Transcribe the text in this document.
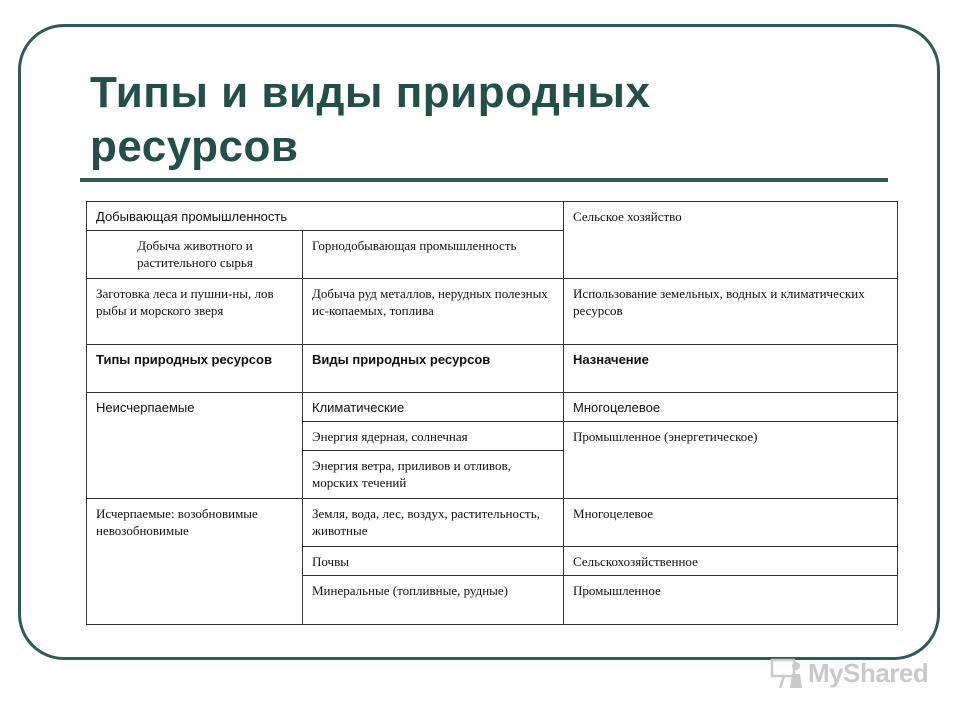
Типы и виды природных
ресурсов
Добывающая промышленность		Сельское хозяйство
Добыча животного и растительного сырья	Горнодобывающая промышленность	
Заготовка леса и пушни-ны, лов рыбы и морского зверя	Добыча руд металлов, нерудных полезных ис-копаемых, топлива	Использование земельных, водных и климатических ресурсов
Типы природных ресурсов	Виды природных ресурсов	Назначение
Неисчерпаемые	Климатические	Многоцелевое
	Энергия ядерная, солнечная	Промышленное (энергетическое)
	Энергия ветра, приливов и отливов, морских течений	
Исчерпаемые: возобновимые невозобновимые	Земля, вода, лес, воздух, растительность, животные	Многоцелевое
	Почвы	Сельскохозяйственное
	Минеральные (топливные, рудные)	Промышленное
MyShared
